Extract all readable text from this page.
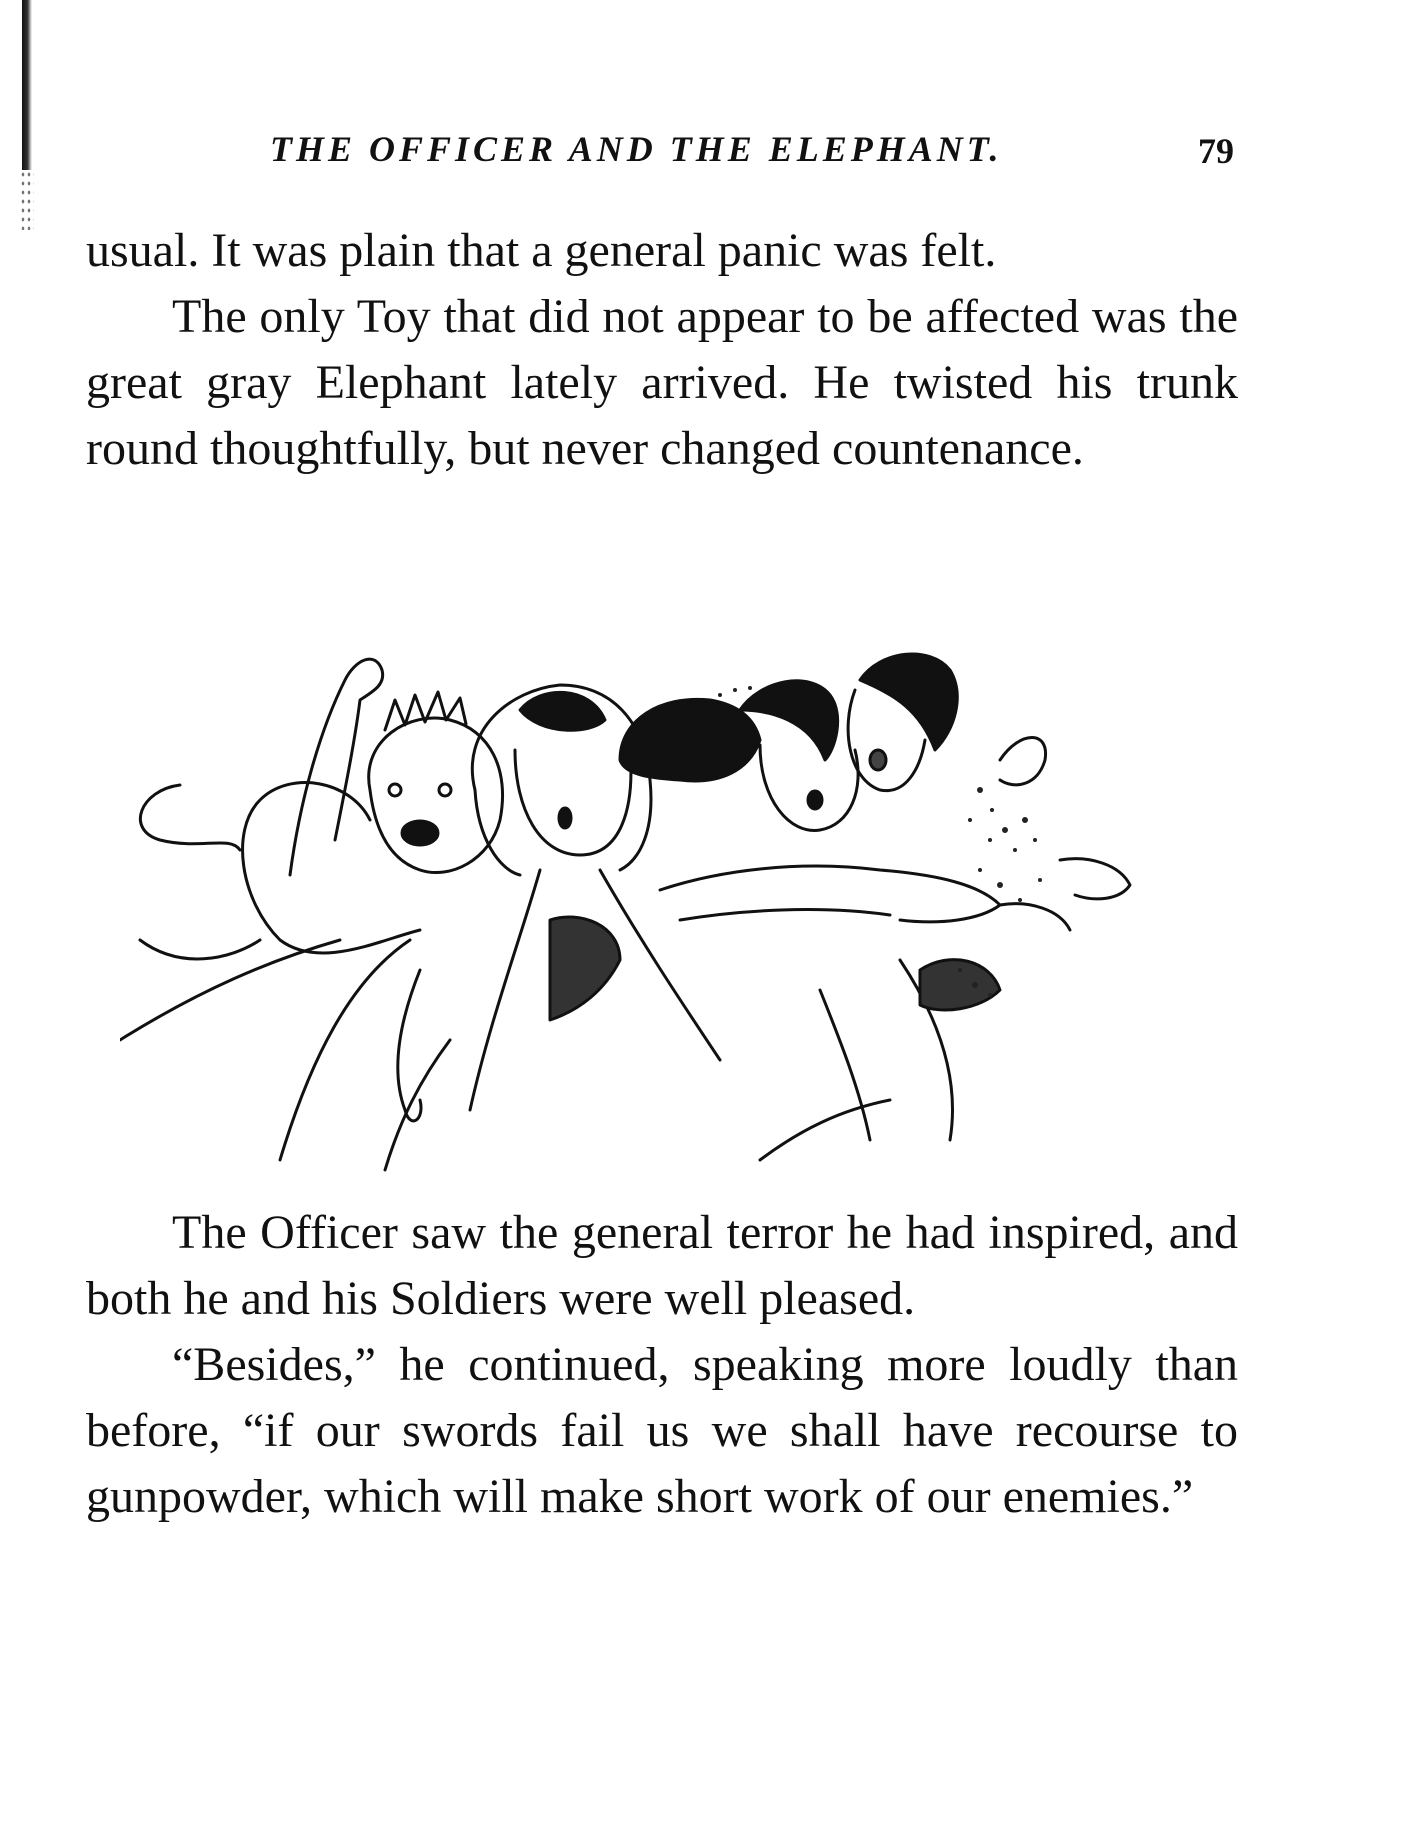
THE OFFICER AND THE ELEPHANT.	79

usual. It was plain that a general panic was felt.

The only Toy that did not appear to be affected was the great gray Elephant lately arrived. He twisted his trunk round thoughtfully, but never changed countenance.

The Officer saw the general terror he had inspired, and both he and his Soldiers were well pleased.

“Besides,” he continued, speaking more loudly than before, “if our swords fail us we shall have recourse to gunpowder, which will make short work of our enemies.”
